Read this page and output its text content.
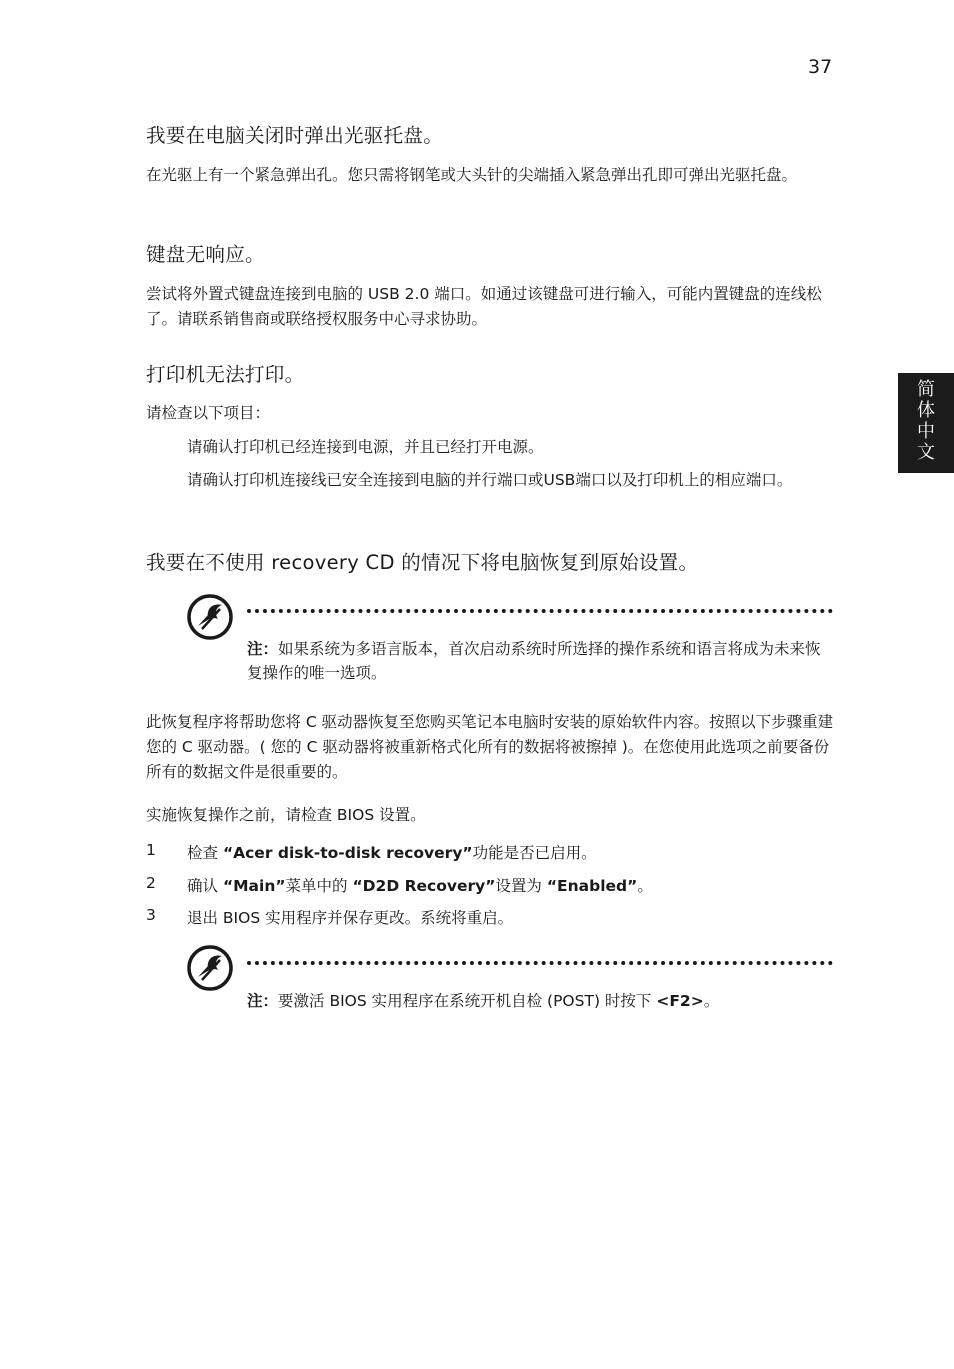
37
简体中文
我要在电脑关闭时弹出光驱托盘。
在光驱上有一个紧急弹出孔。您只需将钢笔或大头针的尖端插入紧急弹出孔即可弹出光驱托盘。
键盘无响应。
尝试将外置式键盘连接到电脑的 USB 2.0 端口。如通过该键盘可进行输入，可能内置键盘的连线松了。请联系销售商或联络授权服务中心寻求协助。
打印机无法打印。
请检查以下项目：
请确认打印机已经连接到电源，并且已经打开电源。
请确认打印机连接线已安全连接到电脑的并行端口或USB端口以及打印机上的相应端口。
我要在不使用 recovery CD 的情况下将电脑恢复到原始设置。
注：如果系统为多语言版本，首次启动系统时所选择的操作系统和语言将成为未来恢复操作的唯一选项。
此恢复程序将帮助您将 C 驱动器恢复至您购买笔记本电脑时安装的原始软件内容。按照以下步骤重建您的 C 驱动器。( 您的 C 驱动器将被重新格式化所有的数据将被擦掉 )。在您使用此选项之前要备份所有的数据文件是很重要的。
实施恢复操作之前，请检查 BIOS 设置。
1 检查 “Acer disk-to-disk recovery”功能是否已启用。
2 确认 “Main”菜单中的 “D2D Recovery”设置为 “Enabled”。
3 退出 BIOS 实用程序并保存更改。系统将重启。
注：要激活 BIOS 实用程序在系统开机自检 (POST) 时按下 <F2>。
